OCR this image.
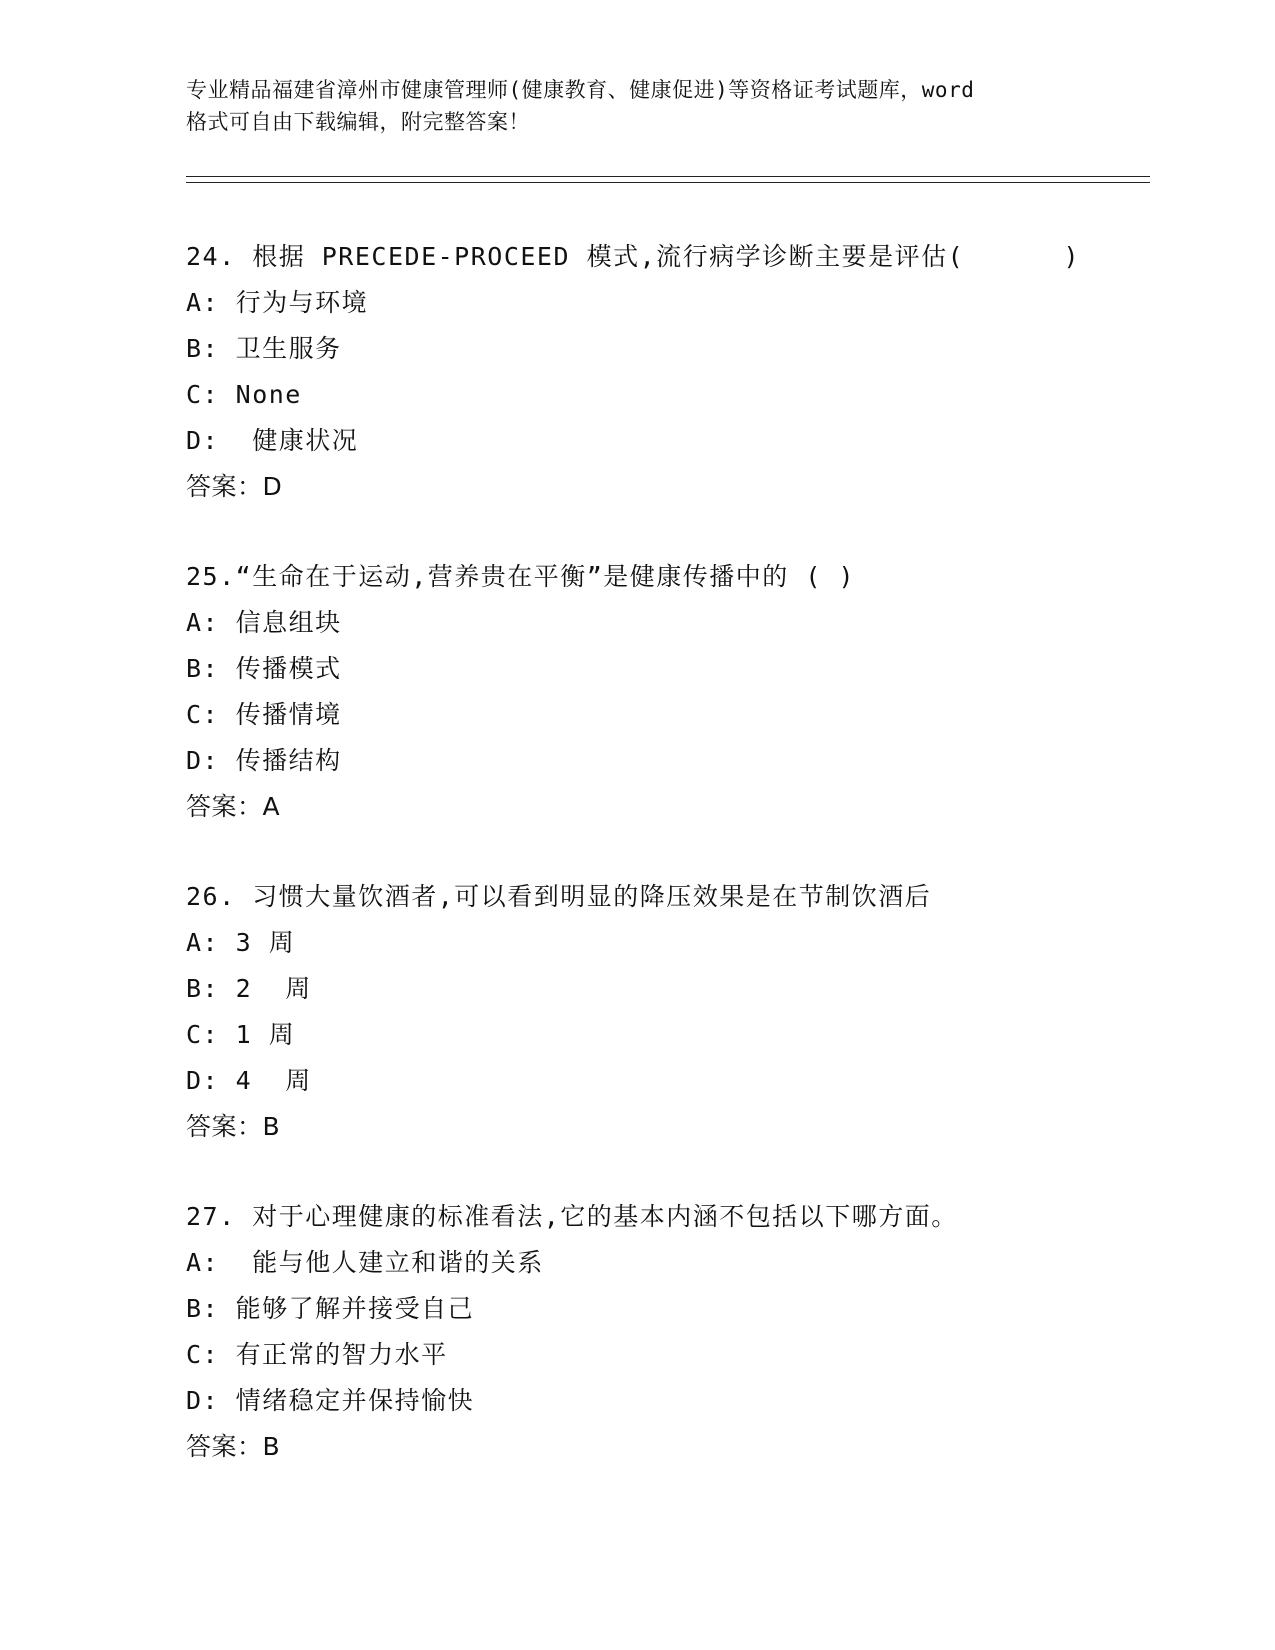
专业精品福建省漳州市健康管理师(健康教育、健康促进)等资格证考试题库，word

格式可自由下载编辑，附完整答案！

24. 根据 PRECEDE-PROCEED 模式,流行病学诊断主要是评估(      )

A: 行为与环境

B: 卫生服务

C: None

D:  健康状况

答案：D

25.“生命在于运动,营养贵在平衡”是健康传播中的 ( )

A: 信息组块

B: 传播模式

C: 传播情境

D: 传播结构

答案：A

26. 习惯大量饮酒者,可以看到明显的降压效果是在节制饮酒后

A: 3 周

B: 2  周

C: 1 周

D: 4  周

答案：B

27. 对于心理健康的标准看法,它的基本内涵不包括以下哪方面。

A:  能与他人建立和谐的关系

B: 能够了解并接受自己

C: 有正常的智力水平

D: 情绪稳定并保持愉快

答案：B
